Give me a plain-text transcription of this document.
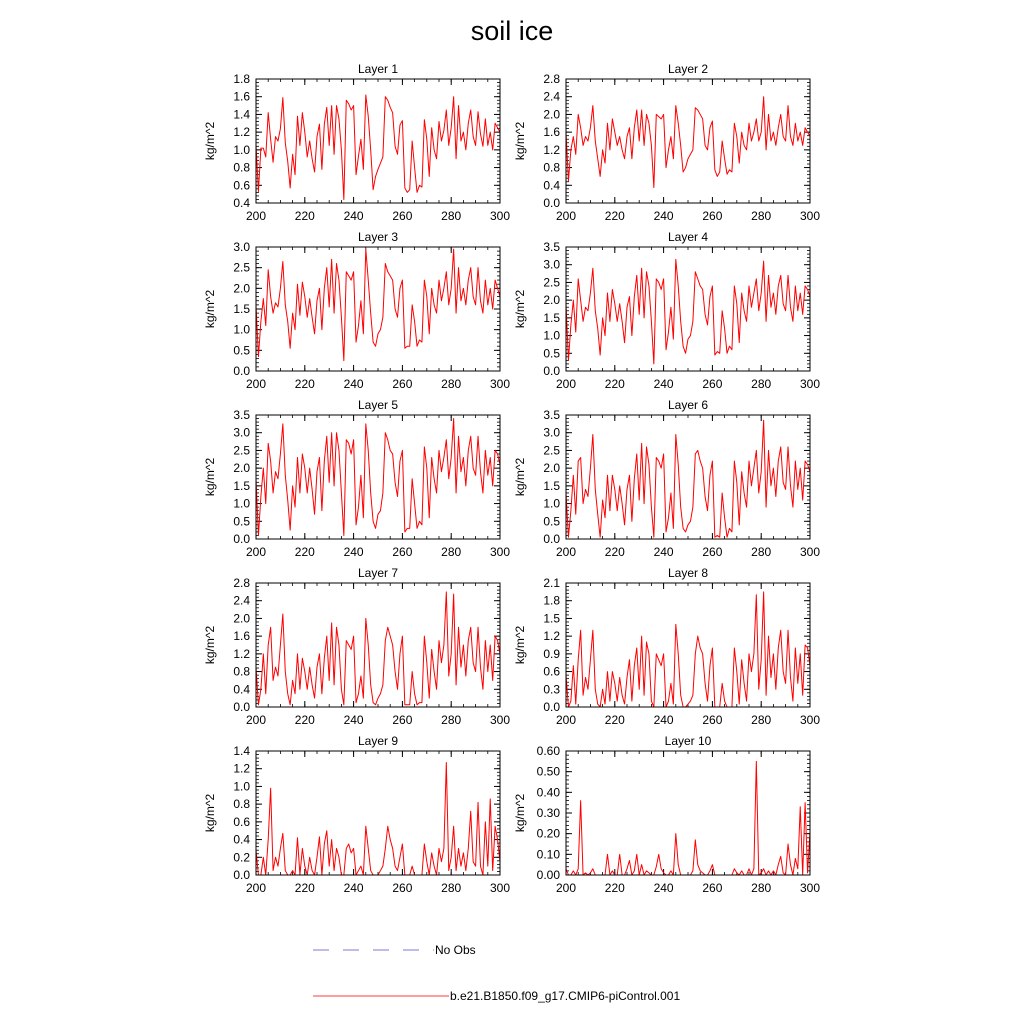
soil ice
200 220 240 260 280 300
0.4
0.6
0.8
1.0
1.2
1.4
1.6
1.8
Layer 1
kg/m^2
200 220 240 260 280 300
0.0
0.4
0.8
1.2
1.6
2.0
2.4
2.8
Layer 2
kg/m^2
200 220 240 260 280 300
0.0
0.5
1.0
1.5
2.0
2.5
3.0
Layer 3
kg/m^2
200 220 240 260 280 300
0.0
0.5
1.0
1.5
2.0
2.5
3.0
3.5
Layer 4
kg/m^2
200 220 240 260 280 300
0.0
0.5
1.0
1.5
2.0
2.5
3.0
3.5
Layer 5
kg/m^2
200 220 240 260 280 300
0.0
0.5
1.0
1.5
2.0
2.5
3.0
3.5
Layer 6
kg/m^2
200 220 240 260 280 300
0.0
0.4
0.8
1.2
1.6
2.0
2.4
2.8
Layer 7
kg/m^2
200 220 240 260 280 300
0.0
0.3
0.6
0.9
1.2
1.5
1.8
2.1
Layer 8
kg/m^2
200 220 240 260 280 300
0.0
0.2
0.4
0.6
0.8
1.0
1.2
1.4
Layer 9
kg/m^2
200 220 240 260 280 300
0.00
0.10
0.20
0.30
0.40
0.50
0.60
Layer 10
kg/m^2
No Obs
b.e21.B1850.f09_g17.CMIP6-piControl.001
